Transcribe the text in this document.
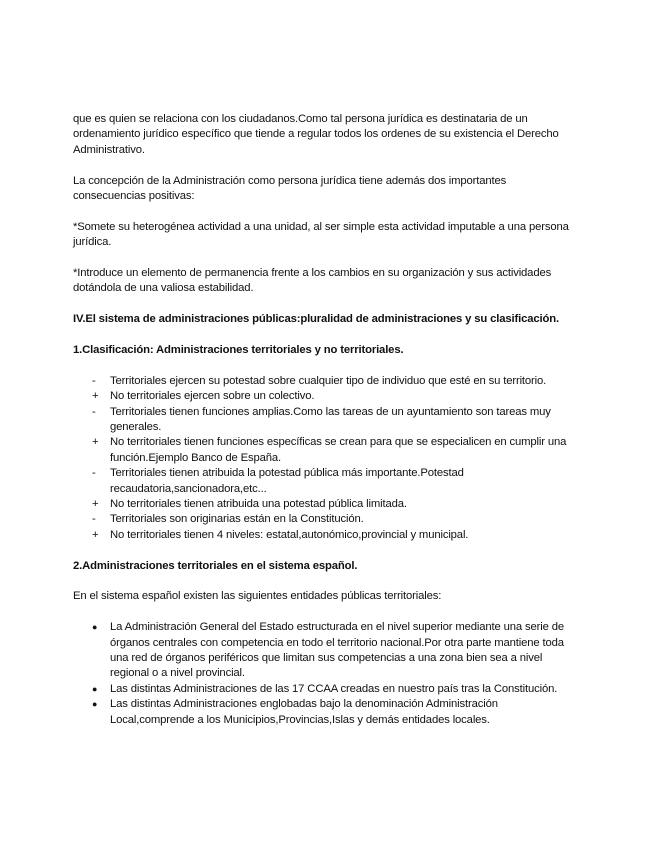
que es quien se relaciona con los ciudadanos.Como tal persona jurídica es destinataria de un ordenamiento jurídico específico que tiende a regular todos los ordenes de su existencia el Derecho Administrativo.

La concepción de la Administración como persona jurídica tiene además dos importantes consecuencias positivas:

*Somete su heterogénea actividad a una unidad, al ser simple esta actividad imputable a una persona jurídica.

*Introduce un elemento de permanencia frente a los cambios en su organización y sus actividades dotándola de una valiosa estabilidad.

IV.El sistema de administraciones públicas:pluralidad de administraciones y su clasificación.

1.Clasificación: Administraciones territoriales y no territoriales.

-	Territoriales ejercen su potestad sobre cualquier tipo de individuo que esté en su territorio.
+	No territoriales ejercen sobre un colectivo.
-	Territoriales tienen funciones amplias.Como las tareas de un ayuntamiento son tareas muy generales.
+	No territoriales tienen funciones específicas se crean para que se especialicen en cumplir una función.Ejemplo Banco de España.
-	Territoriales tienen atribuida la potestad pública más importante.Potestad recaudatoria,sancionadora,etc...
+	No territoriales tienen atribuida una potestad pública limitada.
-	Territoriales son originarias están en la Constitución.
+	No territoriales tienen 4 niveles: estatal,autonómico,provincial y municipal.

2.Administraciones territoriales en el sistema español.

En el sistema español existen las siguientes entidades públicas territoriales:

●	La Administración General del Estado estructurada en el nivel superior mediante una serie de órganos centrales con competencia en todo el territorio nacional.Por otra parte mantiene toda una red de órganos periféricos que limitan sus competencias a una zona bien sea a nivel regional o a nivel provincial.
●	Las distintas Administraciones de las 17 CCAA creadas en nuestro país tras la Constitución.
●	Las distintas Administraciones englobadas bajo la denominación Administración Local,comprende a los Municipios,Provincias,Islas y demás entidades locales.
